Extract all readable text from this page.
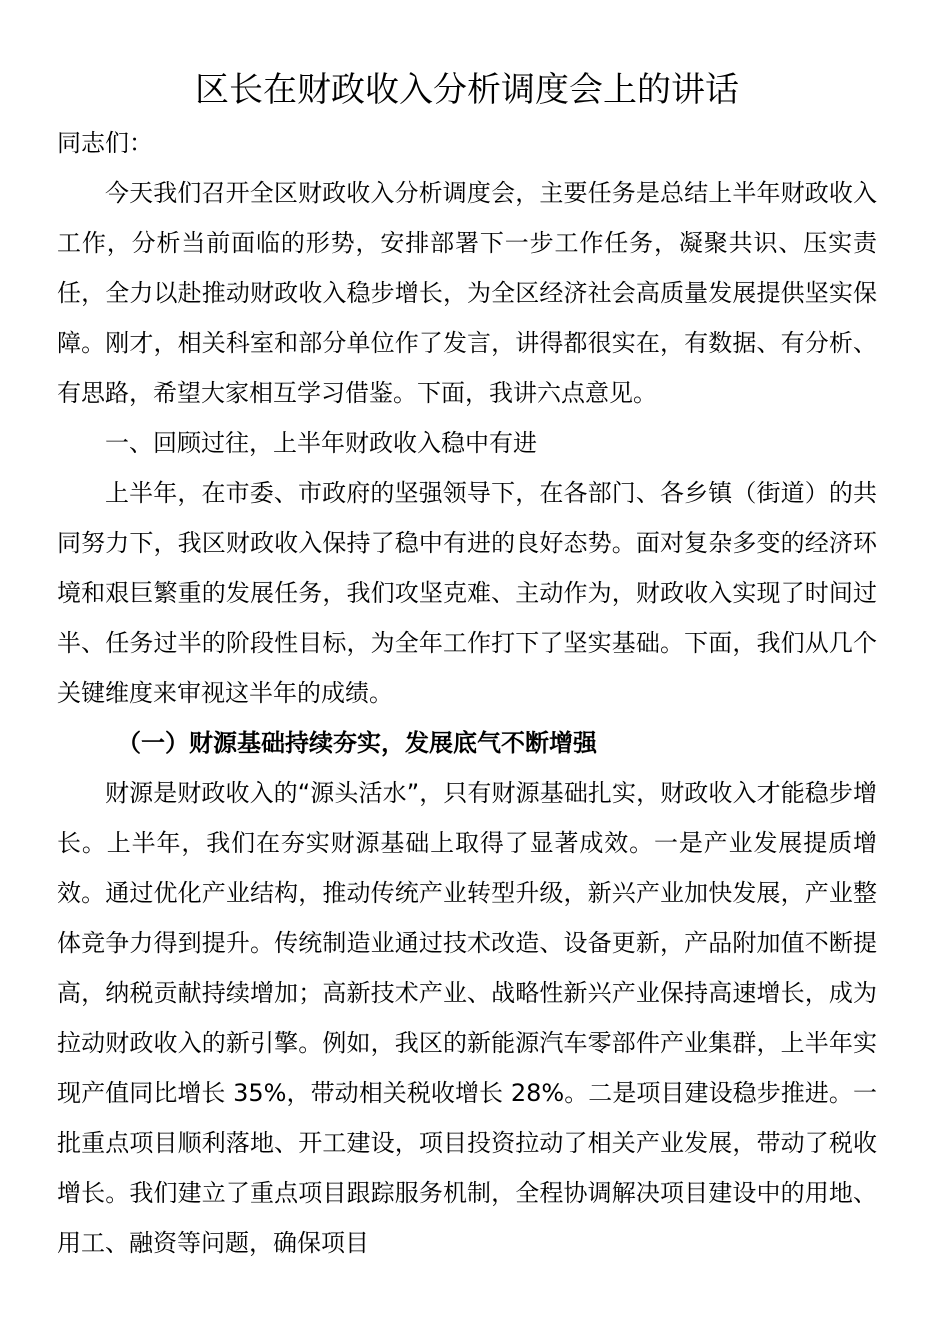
区长在财政收入分析调度会上的讲话

同志们：

今天我们召开全区财政收入分析调度会，主要任务是总结上半年财政收入工作，分析当前面临的形势，安排部署下一步工作任务，凝聚共识、压实责任，全力以赴推动财政收入稳步增长，为全区经济社会高质量发展提供坚实保障。刚才，相关科室和部分单位作了发言，讲得都很实在，有数据、有分析、有思路，希望大家相互学习借鉴。下面，我讲六点意见。

一、回顾过往，上半年财政收入稳中有进

上半年，在市委、市政府的坚强领导下，在各部门、各乡镇（街道）的共同努力下，我区财政收入保持了稳中有进的良好态势。面对复杂多变的经济环境和艰巨繁重的发展任务，我们攻坚克难、主动作为，财政收入实现了时间过半、任务过半的阶段性目标，为全年工作打下了坚实基础。下面，我们从几个关键维度来审视这半年的成绩。

（一）财源基础持续夯实，发展底气不断增强

财源是财政收入的“源头活水”，只有财源基础扎实，财政收入才能稳步增长。上半年，我们在夯实财源基础上取得了显著成效。一是产业发展提质增效。通过优化产业结构，推动传统产业转型升级，新兴产业加快发展，产业整体竞争力得到提升。传统制造业通过技术改造、设备更新，产品附加值不断提高，纳税贡献持续增加；高新技术产业、战略性新兴产业保持高速增长，成为拉动财政收入的新引擎。例如，我区的新能源汽车零部件产业集群，上半年实现产值同比增长 35%，带动相关税收增长 28%。二是项目建设稳步推进。一批重点项目顺利落地、开工建设，项目投资拉动了相关产业发展，带动了税收增长。我们建立了重点项目跟踪服务机制，全程协调解决项目建设中的用地、用工、融资等问题，确保项目
